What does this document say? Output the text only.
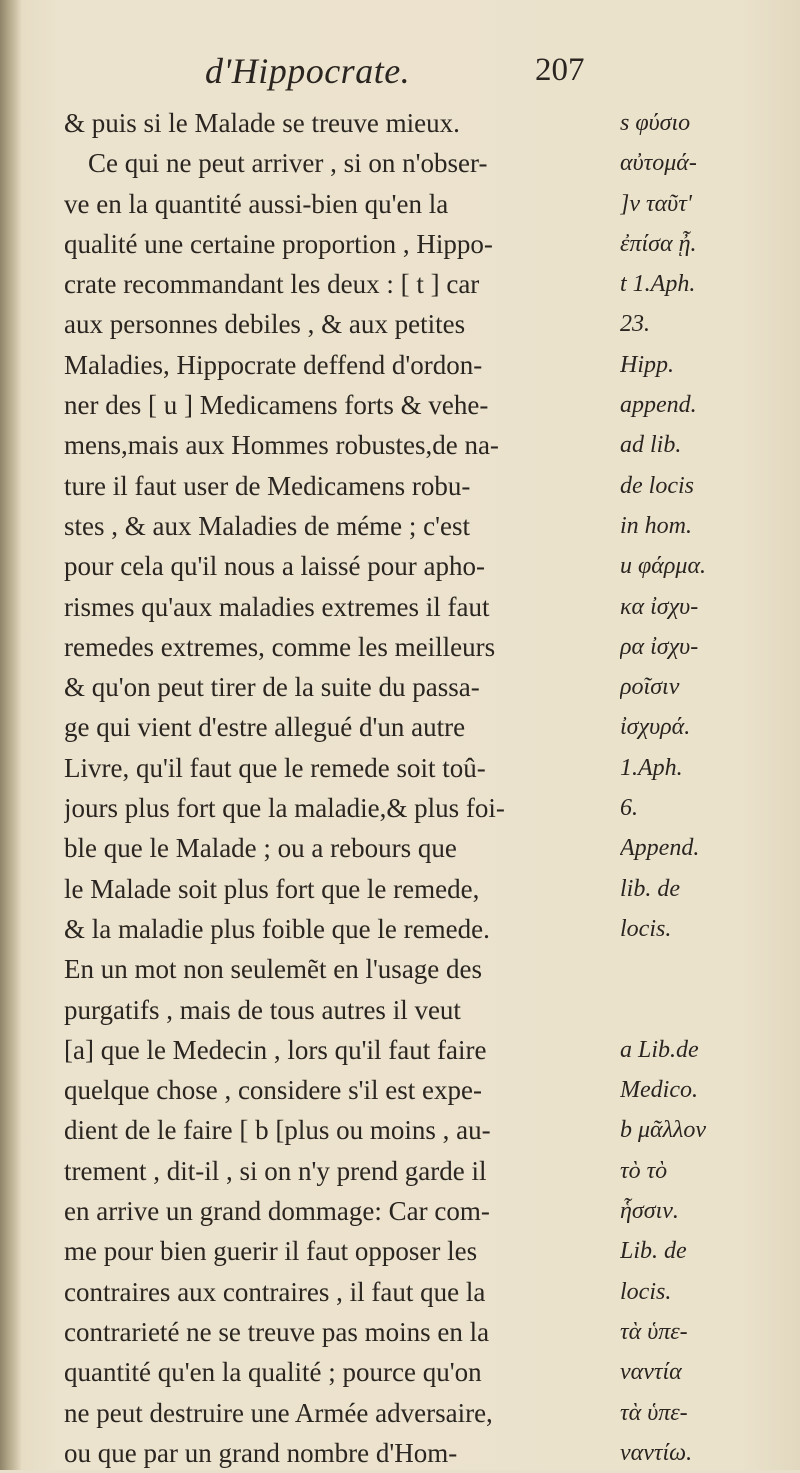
d'Hippocrate.	207
& puis si le Malade se treuve mieux.
Ce qui ne peut arriver , si on n'obser-
ve en la quantité aussi-bien qu'en la
qualité une certaine proportion , Hippo-
crate recommandant les deux : [ t ] car
aux personnes debiles , & aux petites
Maladies, Hippocrate deffend d'ordon-
ner des [ u ] Medicamens forts & vehe-
mens,mais aux Hommes robustes,de na-
ture il faut user de Medicamens robu-
stes , & aux Maladies de méme ; c'est
pour cela qu'il nous a laissé pour apho-
rismes qu'aux maladies extremes il faut
remedes extremes, comme les meilleurs
& qu'on peut tirer de la suite du passa-
ge qui vient d'estre allegué d'un autre
Livre, qu'il faut que le remede soit toû-
jours plus fort que la maladie,& plus foi-
ble que le Malade ; ou a rebours que
le Malade soit plus fort que le remede,
& la maladie plus foible que le remede.
En un mot non seulemẽt en l'usage des
purgatifs , mais de tous autres il veut
[a] que le Medecin , lors qu'il faut faire
quelque chose , considere s'il est expe-
dient de le faire [ b [plus ou moins , au-
trement , dit-il , si on n'y prend garde il
en arrive un grand dommage: Car com-
me pour bien guerir il faut opposer les
contraires aux contraires , il faut que la
contrarieté ne se treuve pas moins en la
quantité qu'en la qualité ; pource qu'on
ne peut destruire une Armée adversaire,
ou que par un grand nombre d'Hom-
s φύσιο
αὐτομά-
]ν ταῦτ'
ἐπίσα ᾖ.
t 1.Aph.
23.
Hipp.
append.
ad lib.
de locis
in hom.
u φάρμα.
κα ἰσχυ-
ρα ἰσχυ-
ροῖσιν
ἰσχυρά.
1.Aph.
6.
Append.
lib. de
locis.
a Lib.de
Medico.
b μᾶλλον
τὸ τὸ
ἧσσιν.
Lib. de
locis.
τὰ ὑπε-
ναντία
τὰ ὑπε-
ναντίω.
